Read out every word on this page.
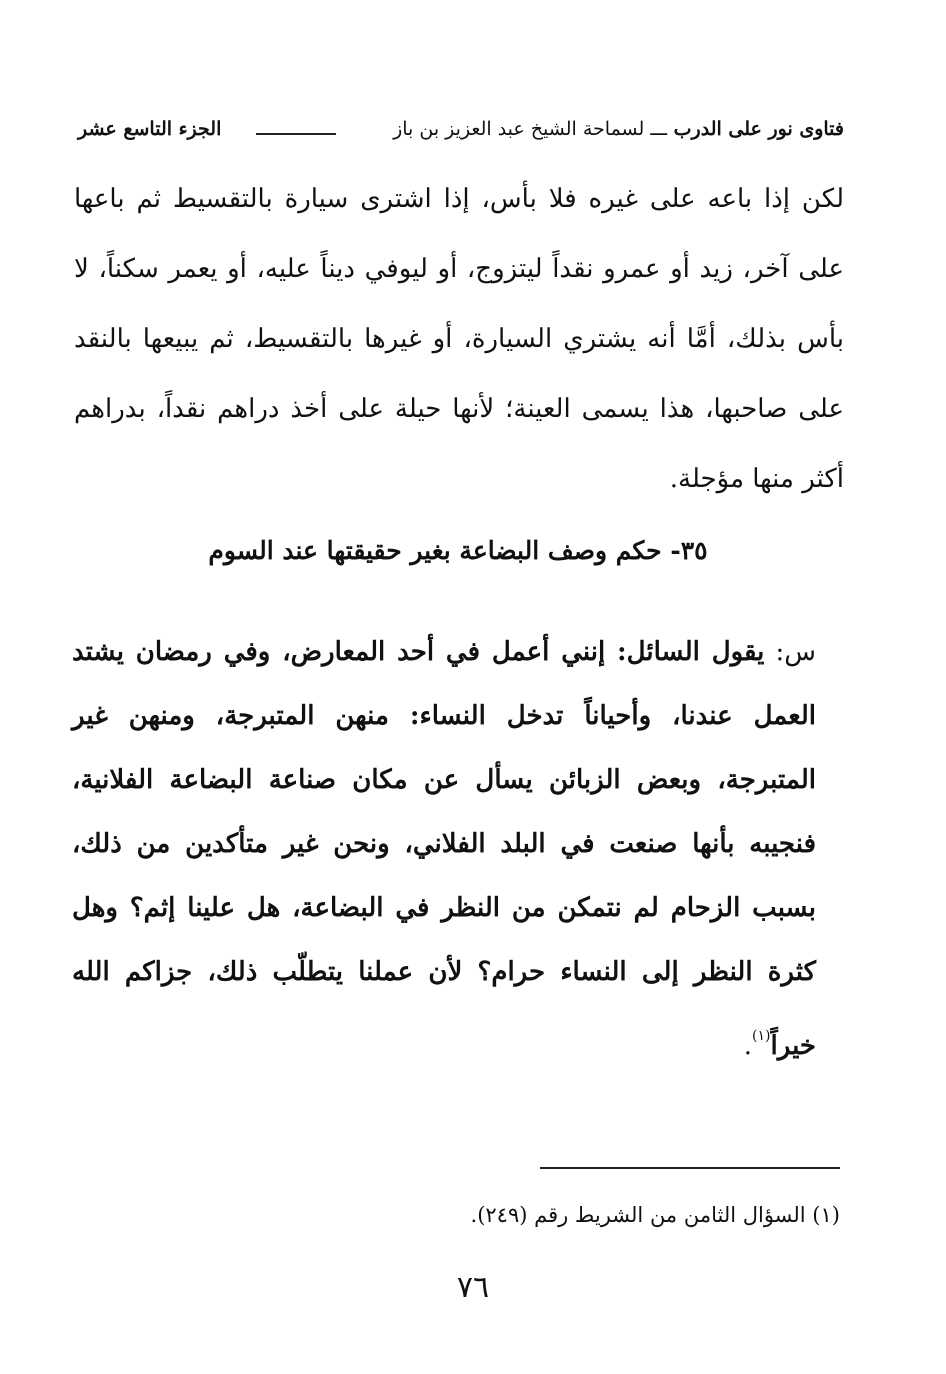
فتاوى نور على الدرب ـــ لسماحة الشيخ عبد العزيز بن باز
الجزء التاسع عشر
لكن إذا باعه على غيره فلا بأس، إذا اشترى سيارة بالتقسيط ثم باعها على آخر، زيد أو عمرو نقداً ليتزوج، أو ليوفي ديناً عليه، أو يعمر سكناً، لا بأس بذلك، أمَّا أنه يشتري السيارة، أو غيرها بالتقسيط، ثم يبيعها بالنقد على صاحبها، هذا يسمى العينة؛ لأنها حيلة على أخذ دراهم نقداً، بدراهم أكثر منها مؤجلة.
٣٥- حكم وصف البضاعة بغير حقيقتها عند السوم
س: يقول السائل: إنني أعمل في أحد المعارض، وفي رمضان يشتد العمل عندنا، وأحياناً تدخل النساء: منهن المتبرجة، ومنهن غير المتبرجة، وبعض الزبائن يسأل عن مكان صناعة البضاعة الفلانية، فنجيبه بأنها صنعت في البلد الفلاني، ونحن غير متأكدين من ذلك، بسبب الزحام لم نتمكن من النظر في البضاعة، هل علينا إثم؟ وهل كثرة النظر إلى النساء حرام؟ لأن عملنا يتطلّب ذلك، جزاكم الله خيراً$^{(١)}$.
(١) السؤال الثامن من الشريط رقم (٢٤٩).
٧٦
